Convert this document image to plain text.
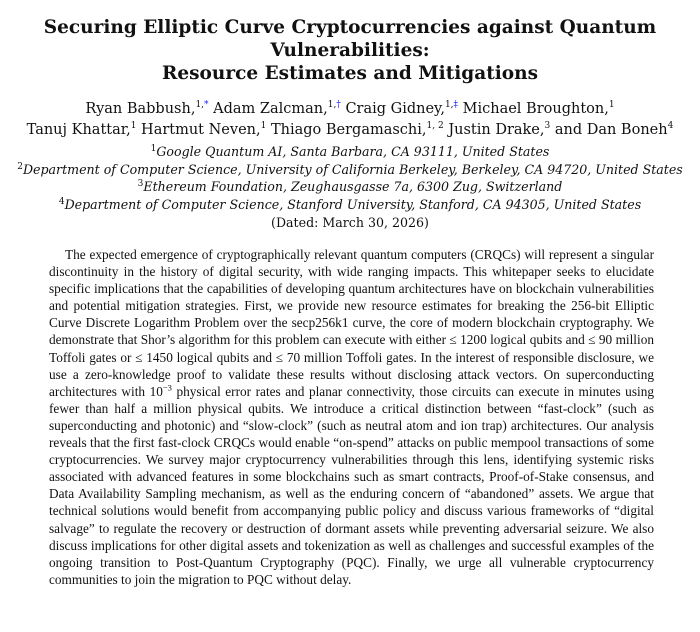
Securing Elliptic Curve Cryptocurrencies against Quantum Vulnerabilities:
Resource Estimates and Mitigations
Ryan Babbush,$^{1,*}$ Adam Zalcman,$^{1,\dagger}$ Craig Gidney,$^{1,\ddagger}$ Michael Broughton,$^1$
Tanuj Khattar,$^1$ Hartmut Neven,$^1$ Thiago Bergamaschi,$^{1, 2}$ Justin Drake,$^3$ and Dan Boneh$^4$
$^1$Google Quantum AI, Santa Barbara, CA 93111, United States
$^2$Department of Computer Science, University of California Berkeley, Berkeley, CA 94720, United States
$^3$Ethereum Foundation, Zeughausgasse 7a, 6300 Zug, Switzerland
$^4$Department of Computer Science, Stanford University, Stanford, CA 94305, United States
(Dated: March 30, 2026)
The expected emergence of cryptographically relevant quantum computers (CRQCs) will represent a singular discontinuity in the history of digital security, with wide ranging impacts. This whitepaper seeks to elucidate specific implications that the capabilities of developing quantum architectures have on blockchain vulnerabilities and potential mitigation strategies. First, we provide new resource estimates for breaking the 256-bit Elliptic Curve Discrete Logarithm Problem over the secp256k1 curve, the core of modern blockchain cryptography. We demonstrate that Shor’s algorithm for this problem can execute with either ≤ 1200 logical qubits and ≤ 90 million Toffoli gates or ≤ 1450 logical qubits and ≤ 70 million Toffoli gates. In the interest of responsible disclosure, we use a zero-knowledge proof to validate these results without disclosing attack vectors. On superconducting architectures with $10^{-3}$ physical error rates and planar connectivity, those circuits can execute in minutes using fewer than half a million physical qubits. We introduce a critical distinction between “fast-clock” (such as superconducting and photonic) and “slow-clock” (such as neutral atom and ion trap) architectures. Our analysis reveals that the first fast-clock CRQCs would enable “on-spend” attacks on public mempool transactions of some cryptocurrencies. We survey major cryptocurrency vulnerabilities through this lens, identifying systemic risks associated with advanced features in some blockchains such as smart contracts, Proof-of-Stake consensus, and Data Availability Sampling mechanism, as well as the enduring concern of “abandoned” assets. We argue that technical solutions would benefit from accompanying public policy and discuss various frameworks of “digital salvage” to regulate the recovery or destruction of dormant assets while preventing adversarial seizure. We also discuss implications for other digital assets and tokenization as well as challenges and successful examples of the ongoing transition to Post-Quantum Cryptography (PQC). Finally, we urge all vulnerable cryptocurrency communities to join the migration to PQC without delay.
